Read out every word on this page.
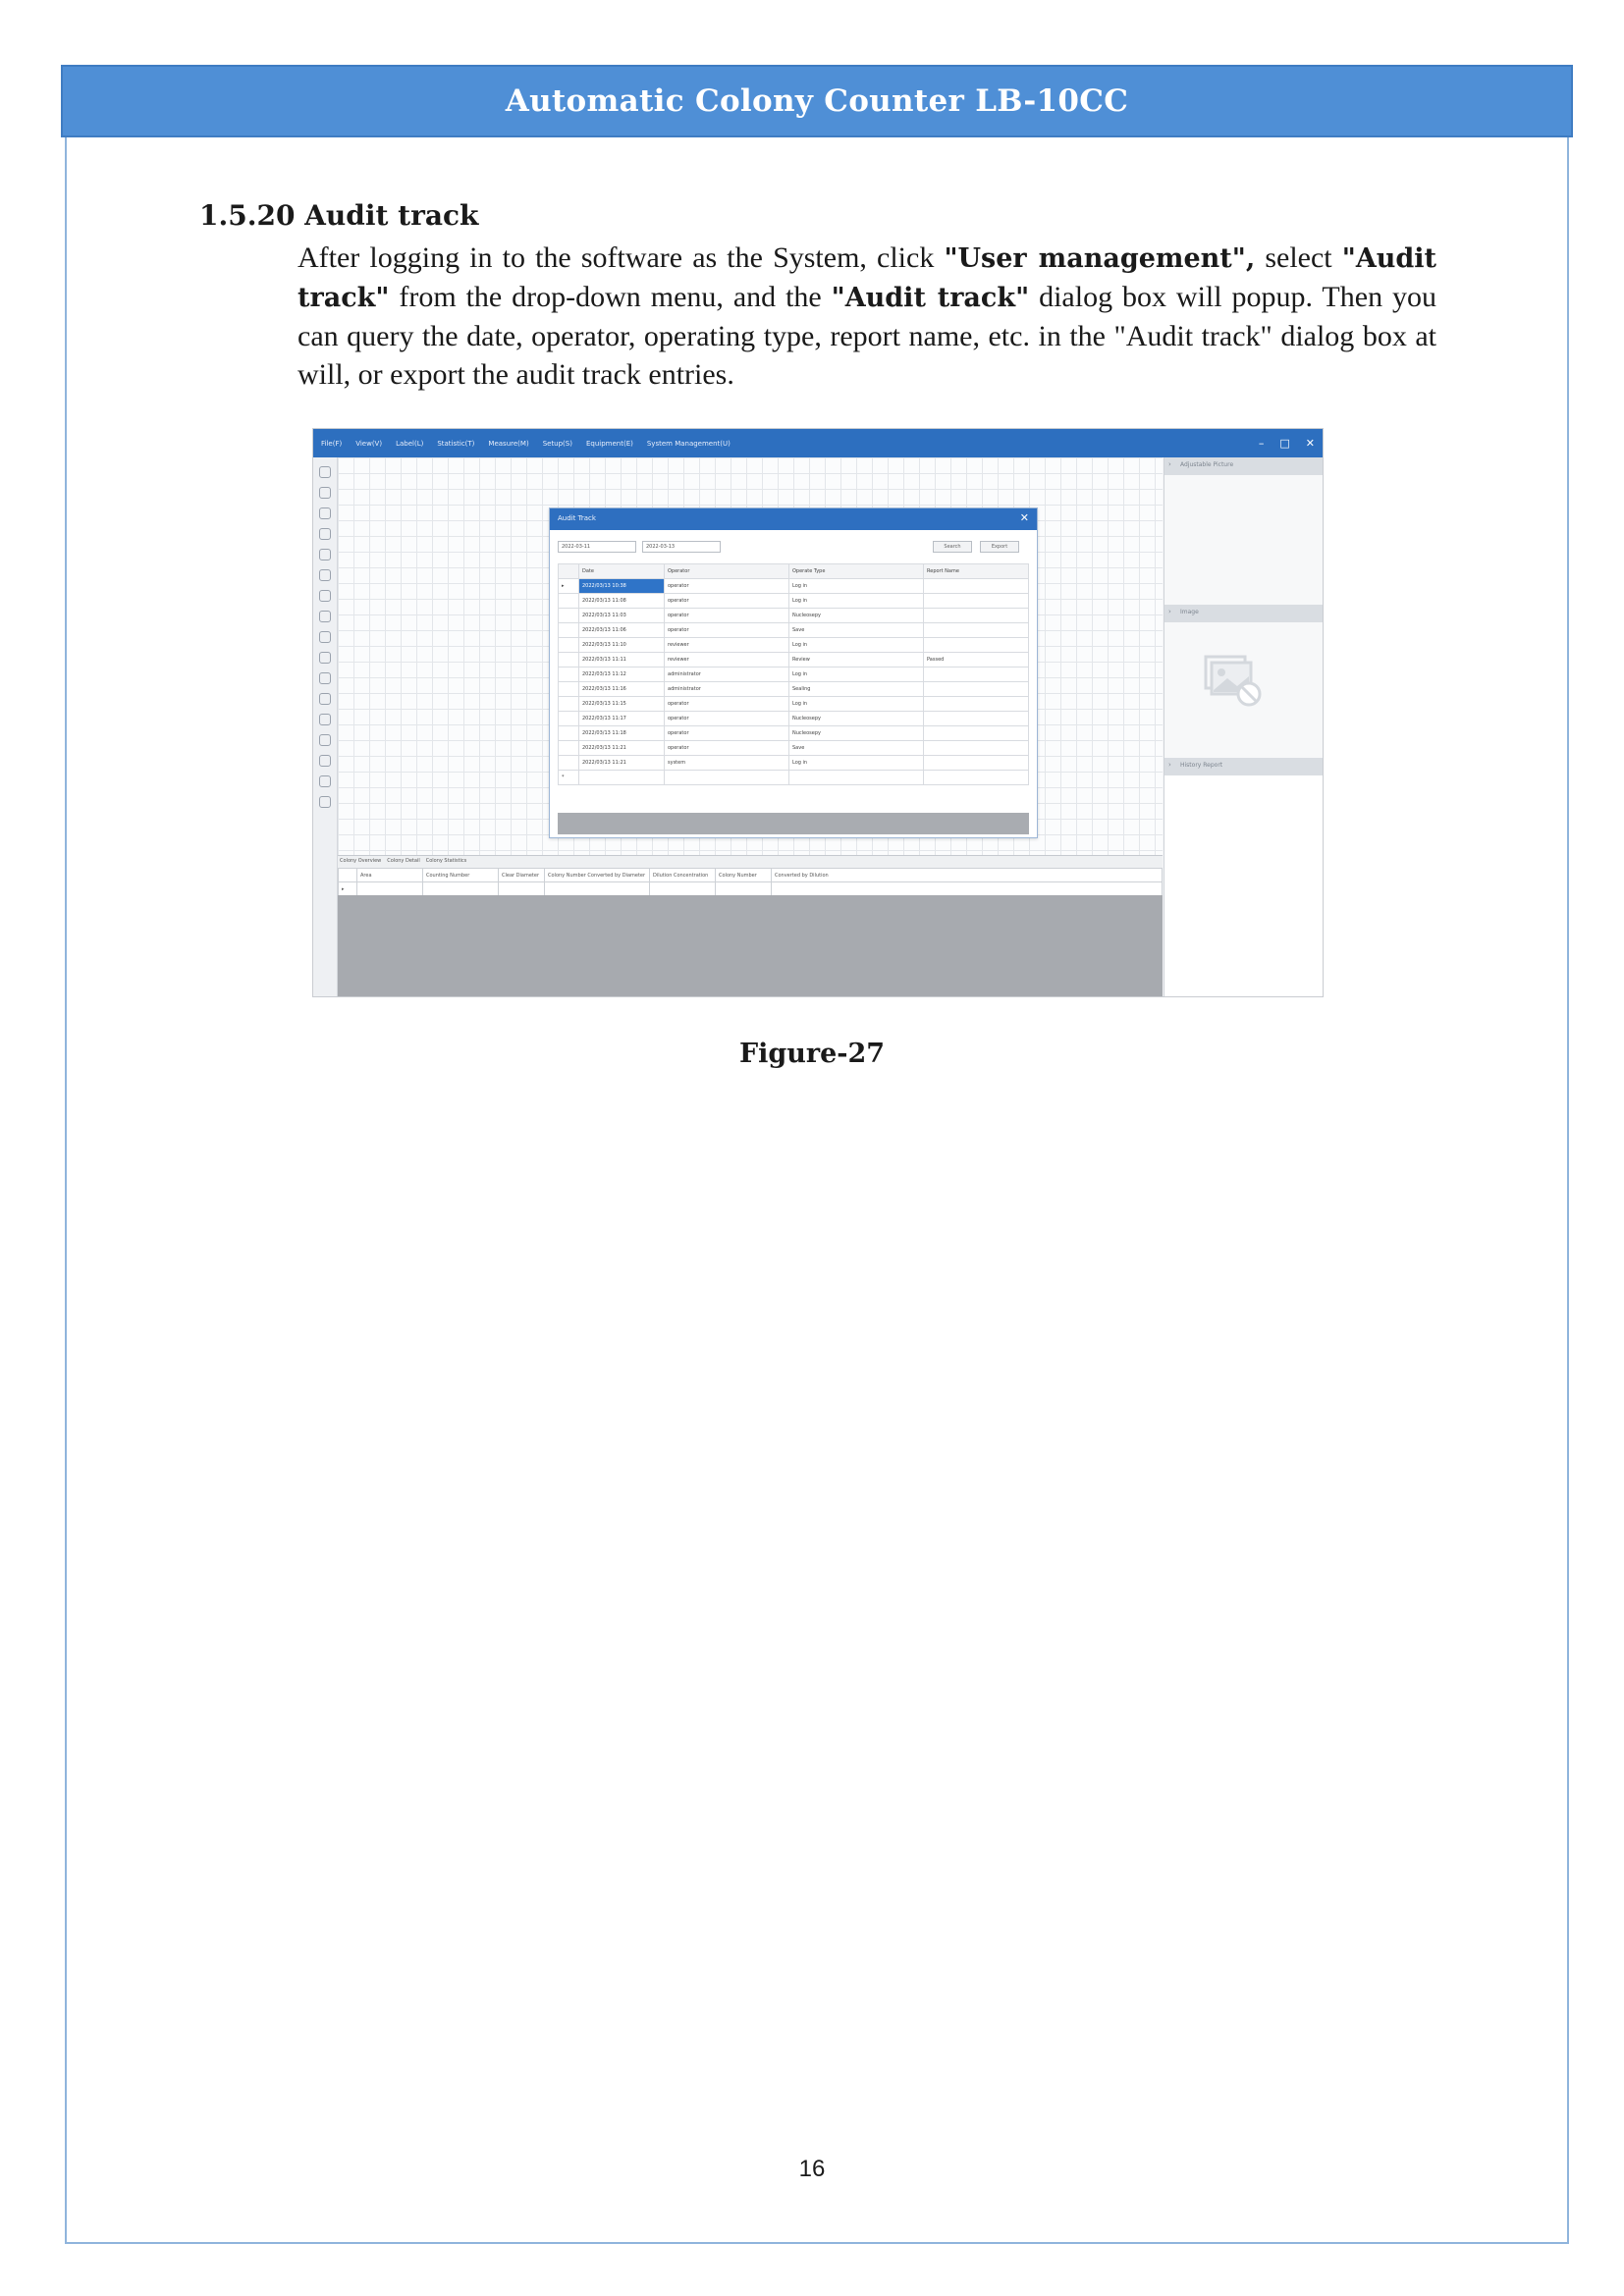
Automatic Colony Counter LB-10CC
1.5.20 Audit track
After logging in to the software as the System, click "User management", select "Audit track" from the drop-down menu, and the "Audit track" dialog box will popup. Then you can query the date, operator, operating type, report name, etc. in the "Audit track" dialog box at will, or export the audit track entries.
File(F) View(V) Label(L) Statistic(T) Measure(M) Setup(S) Equipment(E) System Management(U)	– □ ✕
› Adjustable Picture
› Image
› History Report
Audit Track	✕
2022-03-11	2022-03-13	Search	Export
	Date	Operator	Operate Type	Report Name
▸	2022/03/13 10:38	operator	Log in	
	2022/03/13 11:08	operator	Log in	
	2022/03/13 11:03	operator	Nucleosepy	
	2022/03/13 11:06	operator	Save	
	2022/03/13 11:10	reviewer	Log in	
	2022/03/13 11:11	reviewer	Review	Passed
	2022/03/13 11:12	administrator	Log in	
	2022/03/13 11:16	administrator	Sealing	
	2022/03/13 11:15	operator	Log in	
	2022/03/13 11:17	operator	Nucleosepy	
	2022/03/13 11:18	operator	Nucleosepy	
	2022/03/13 11:21	operator	Save	
	2022/03/13 11:21	system	Log in	
*				
Colony Overview Colony Detail Colony Statistics
	Area	Counting Number	Clear Diameter	Colony Number Converted by Diameter	Dilution Concentration	Colony Number	Converted by Dilution
▸							
Figure-27
16
